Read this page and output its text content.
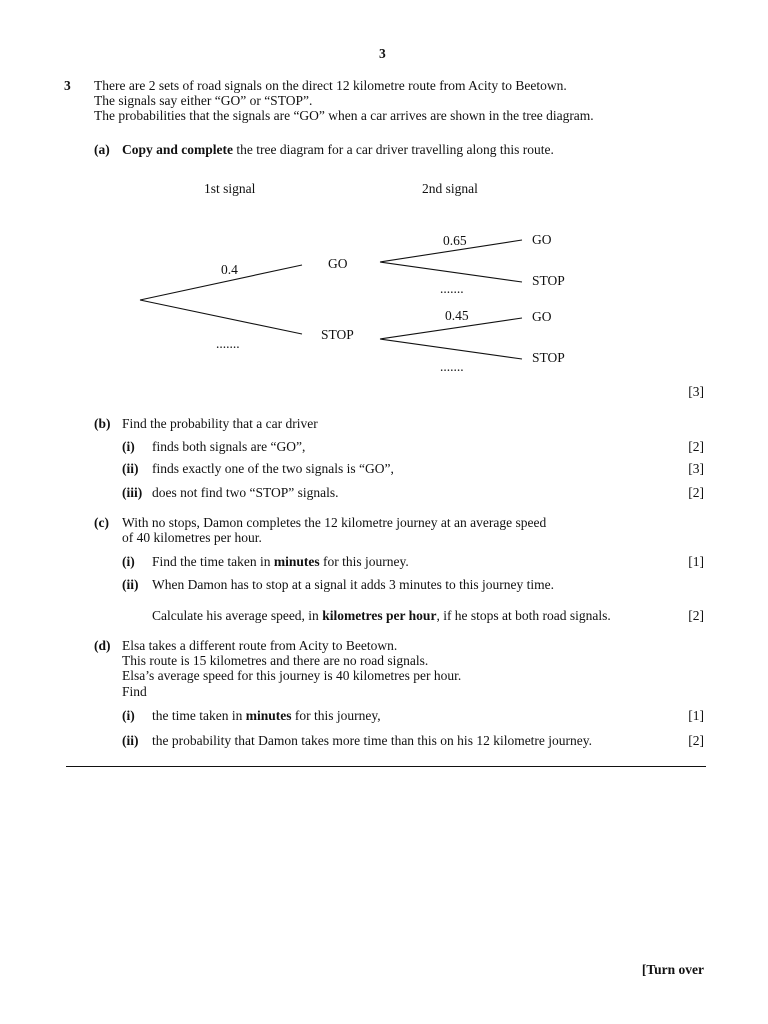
3
3 There are 2 sets of road signals on the direct 12 kilometre route from Acity to Beetown.
The signals say either “GO” or “STOP”.
The probabilities that the signals are “GO” when a car arrives are shown in the tree diagram.
(a) Copy and complete the tree diagram for a car driver travelling along this route.
1st signal	2nd signal
0.4
.......
GO
STOP
0.65
.......
0.45
.......
GO
STOP
GO
STOP
[3]
(b) Find the probability that a car driver
(i) finds both signals are “GO”,	[2]
(ii) finds exactly one of the two signals is “GO”,	[3]
(iii) does not find two “STOP” signals.	[2]
(c) With no stops, Damon completes the 12 kilometre journey at an average speed
of 40 kilometres per hour.
(i) Find the time taken in minutes for this journey.	[1]
(ii) When Damon has to stop at a signal it adds 3 minutes to this journey time.
Calculate his average speed, in kilometres per hour, if he stops at both road signals.	[2]
(d) Elsa takes a different route from Acity to Beetown.
This route is 15 kilometres and there are no road signals.
Elsa’s average speed for this journey is 40 kilometres per hour.
Find
(i) the time taken in minutes for this journey,	[1]
(ii) the probability that Damon takes more time than this on his 12 kilometre journey.	[2]
[Turn over
